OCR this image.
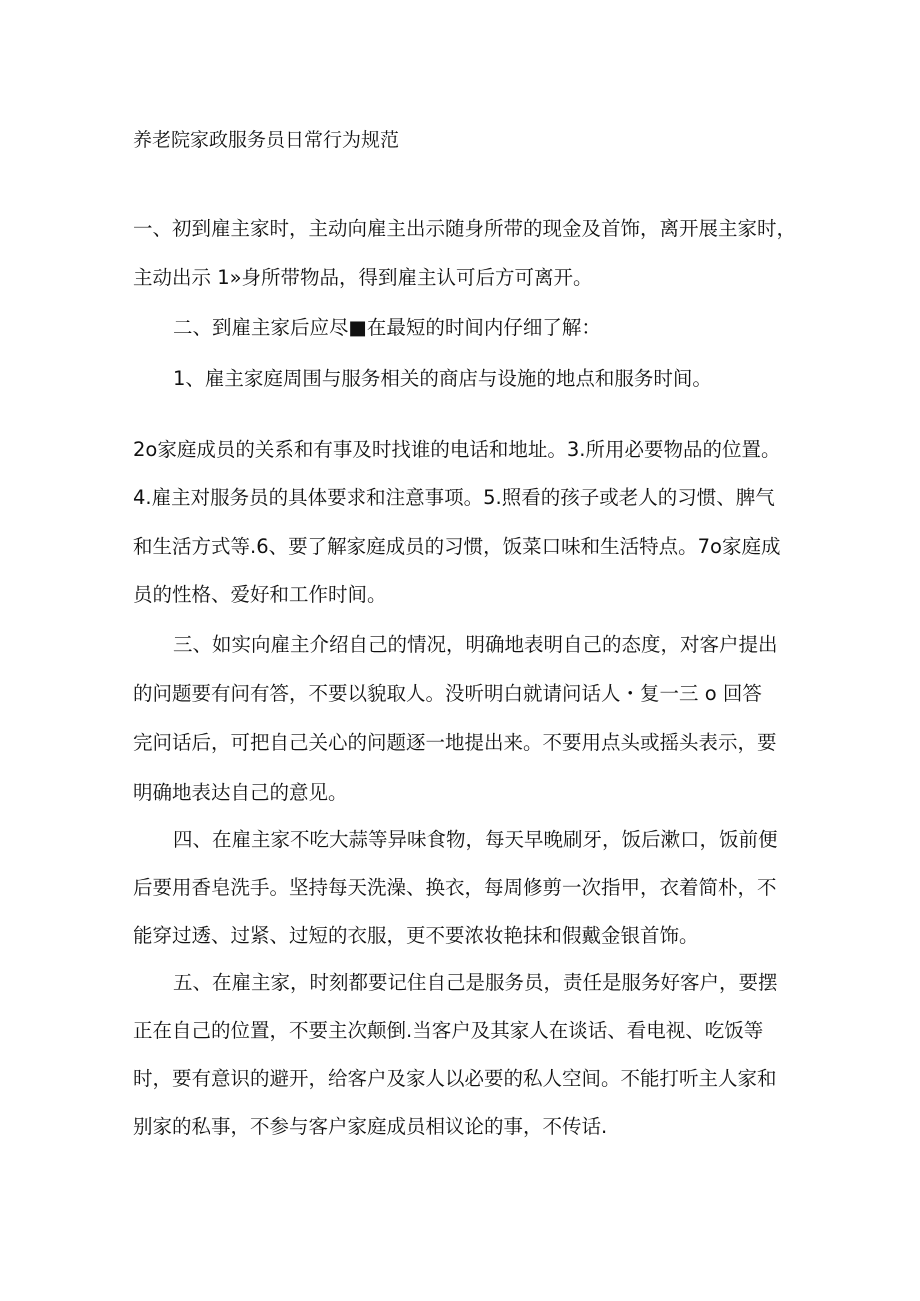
养老院家政服务员日常行为规范
一、初到雇主家时，主动向雇主出示随身所带的现金及首饰，离开展主家时，
主动出示 1»身所带物品，得到雇主认可后方可离开。
二、到雇主家后应尽■在最短的时间内仔细了解：
1、雇主家庭周围与服务相关的商店与设施的地点和服务时间。
2o家庭成员的关系和有事及时找谁的电话和地址。3.所用必要物品的位置。
4.雇主对服务员的具体要求和注意事项。5.照看的孩子或老人的习惯、脾气
和生活方式等.6、要了解家庭成员的习惯，饭菜口味和生活特点。7o家庭成
员的性格、爱好和工作时间。
三、如实向雇主介绍自己的情况，明确地表明自己的态度，对客户提出
的问题要有问有答，不要以貌取人。没听明白就请问话人・复一三 o 回答
完问话后，可把自己关心的问题逐一地提出来。不要用点头或摇头表示，要
明确地表达自己的意见。
四、在雇主家不吃大蒜等异味食物，每天早晚刷牙，饭后漱口，饭前便
后要用香皂洗手。坚持每天洗澡、换衣，每周修剪一次指甲，衣着简朴，不
能穿过透、过紧、过短的衣服，更不要浓妆艳抹和假戴金银首饰。
五、在雇主家，时刻都要记住自己是服务员，责任是服务好客户，要摆
正在自己的位置，不要主次颠倒.当客户及其家人在谈话、看电视、吃饭等
时，要有意识的避开，给客户及家人以必要的私人空间。不能打听主人家和
别家的私事，不参与客户家庭成员相议论的事，不传话.
